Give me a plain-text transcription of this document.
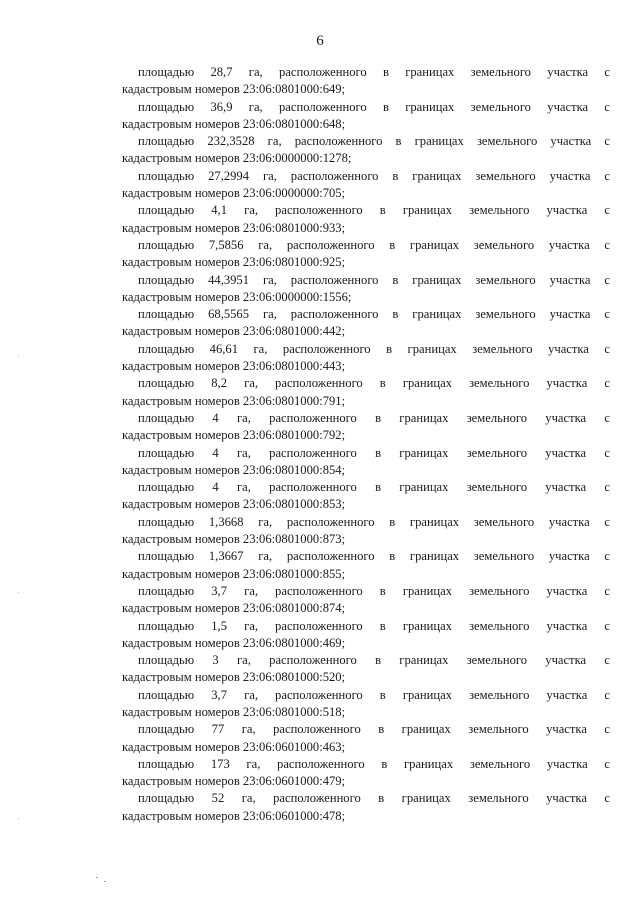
6
площадью 28,7 га, расположенного в границах земельного участка с
кадастровым номеров 23:06:0801000:649;
площадью 36,9 га, расположенного в границах земельного участка с
кадастровым номеров 23:06:0801000:648;
площадью 232,3528 га, расположенного в границах земельного участка с
кадастровым номеров 23:06:0000000:1278;
площадью 27,2994 га, расположенного в границах земельного участка с
кадастровым номеров 23:06:0000000:705;
площадью 4,1 га, расположенного в границах земельного участка с
кадастровым номеров 23:06:0801000:933;
площадью 7,5856 га, расположенного в границах земельного участка с
кадастровым номеров 23:06:0801000:925;
площадью 44,3951 га, расположенного в границах земельного участка с
кадастровым номеров 23:06:0000000:1556;
площадью 68,5565 га, расположенного в границах земельного участка с
кадастровым номеров 23:06:0801000:442;
площадью 46,61 га, расположенного в границах земельного участка с
кадастровым номеров 23:06:0801000:443;
площадью 8,2 га, расположенного в границах земельного участка с
кадастровым номеров 23:06:0801000:791;
площадью 4 га, расположенного в границах земельного участка с
кадастровым номеров 23:06:0801000:792;
площадью 4 га, расположенного в границах земельного участка с
кадастровым номеров 23:06:0801000:854;
площадью 4 га, расположенного в границах земельного участка с
кадастровым номеров 23:06:0801000:853;
площадью 1,3668 га, расположенного в границах земельного участка с
кадастровым номеров 23:06:0801000:873;
площадью 1,3667 га, расположенного в границах земельного участка с
кадастровым номеров 23:06:0801000:855;
площадью 3,7 га, расположенного в границах земельного участка с
кадастровым номеров 23:06:0801000:874;
площадью 1,5 га, расположенного в границах земельного участка с
кадастровым номеров 23:06:0801000:469;
площадью 3 га, расположенного в границах земельного участка с
кадастровым номеров 23:06:0801000:520;
площадью 3,7 га, расположенного в границах земельного участка с
кадастровым номеров 23:06:0801000:518;
площадью 77 га, расположенного в границах земельного участка с
кадастровым номеров 23:06:0601000:463;
площадью 173 га, расположенного в границах земельного участка с
кадастровым номеров 23:06:0601000:479;
площадью 52 га, расположенного в границах земельного участка с
кадастровым номеров 23:06:0601000:478;
